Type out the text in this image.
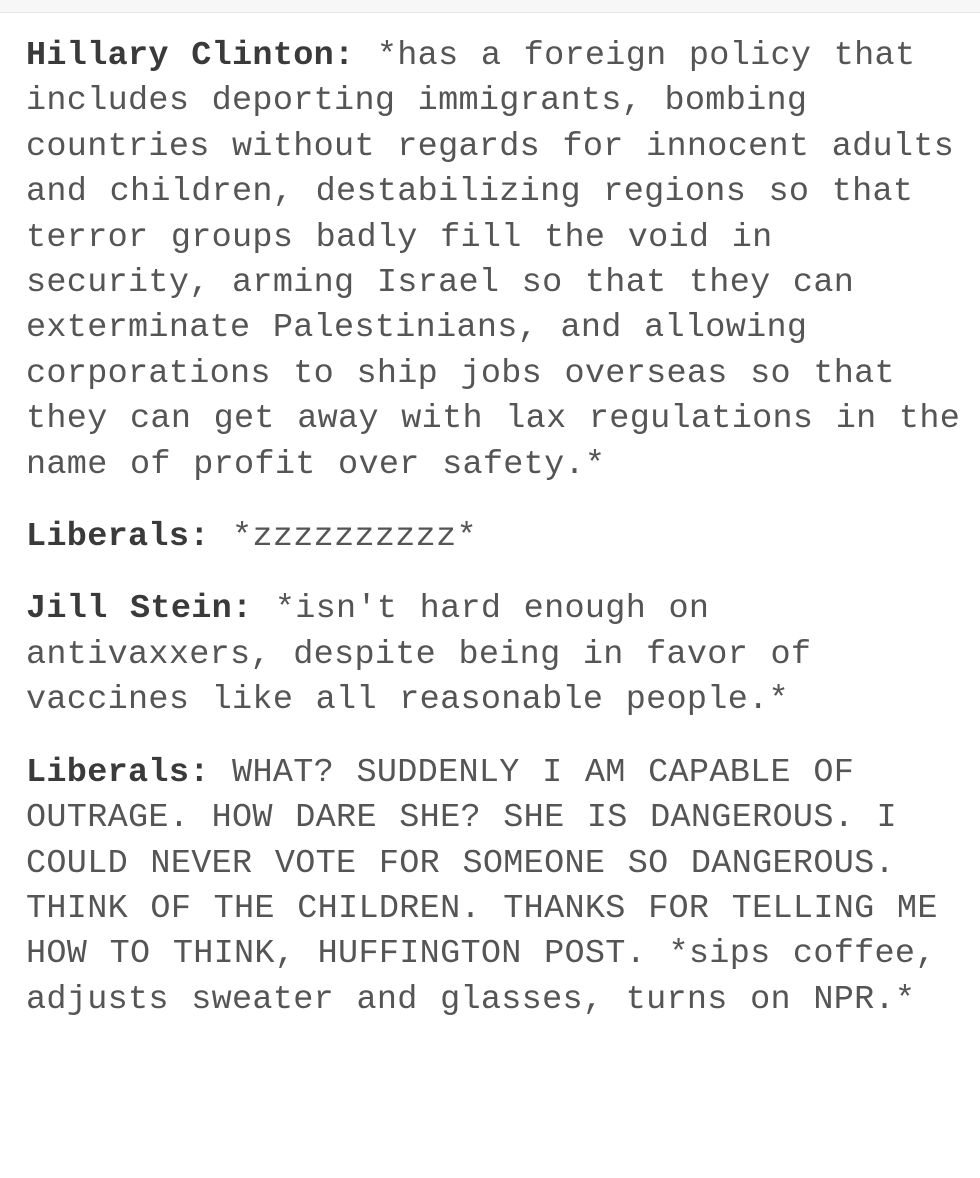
Hillary Clinton: *has a foreign policy that includes deporting immigrants, bombing countries without regards for innocent adults and children, destabilizing regions so that terror groups badly fill the void in security, arming Israel so that they can exterminate Palestinians, and allowing corporations to ship jobs overseas so that they can get away with lax regulations in the name of profit over safety.*

Liberals: *zzzzzzzzzz*

Jill Stein: *isn't hard enough on antivaxxers, despite being in favor of vaccines like all reasonable people.*

Liberals: WHAT? SUDDENLY I AM CAPABLE OF OUTRAGE. HOW DARE SHE? SHE IS DANGEROUS. I COULD NEVER VOTE FOR SOMEONE SO DANGEROUS. THINK OF THE CHILDREN. THANKS FOR TELLING ME HOW TO THINK, HUFFINGTON POST. *sips coffee, adjusts sweater and glasses, turns on NPR.*
